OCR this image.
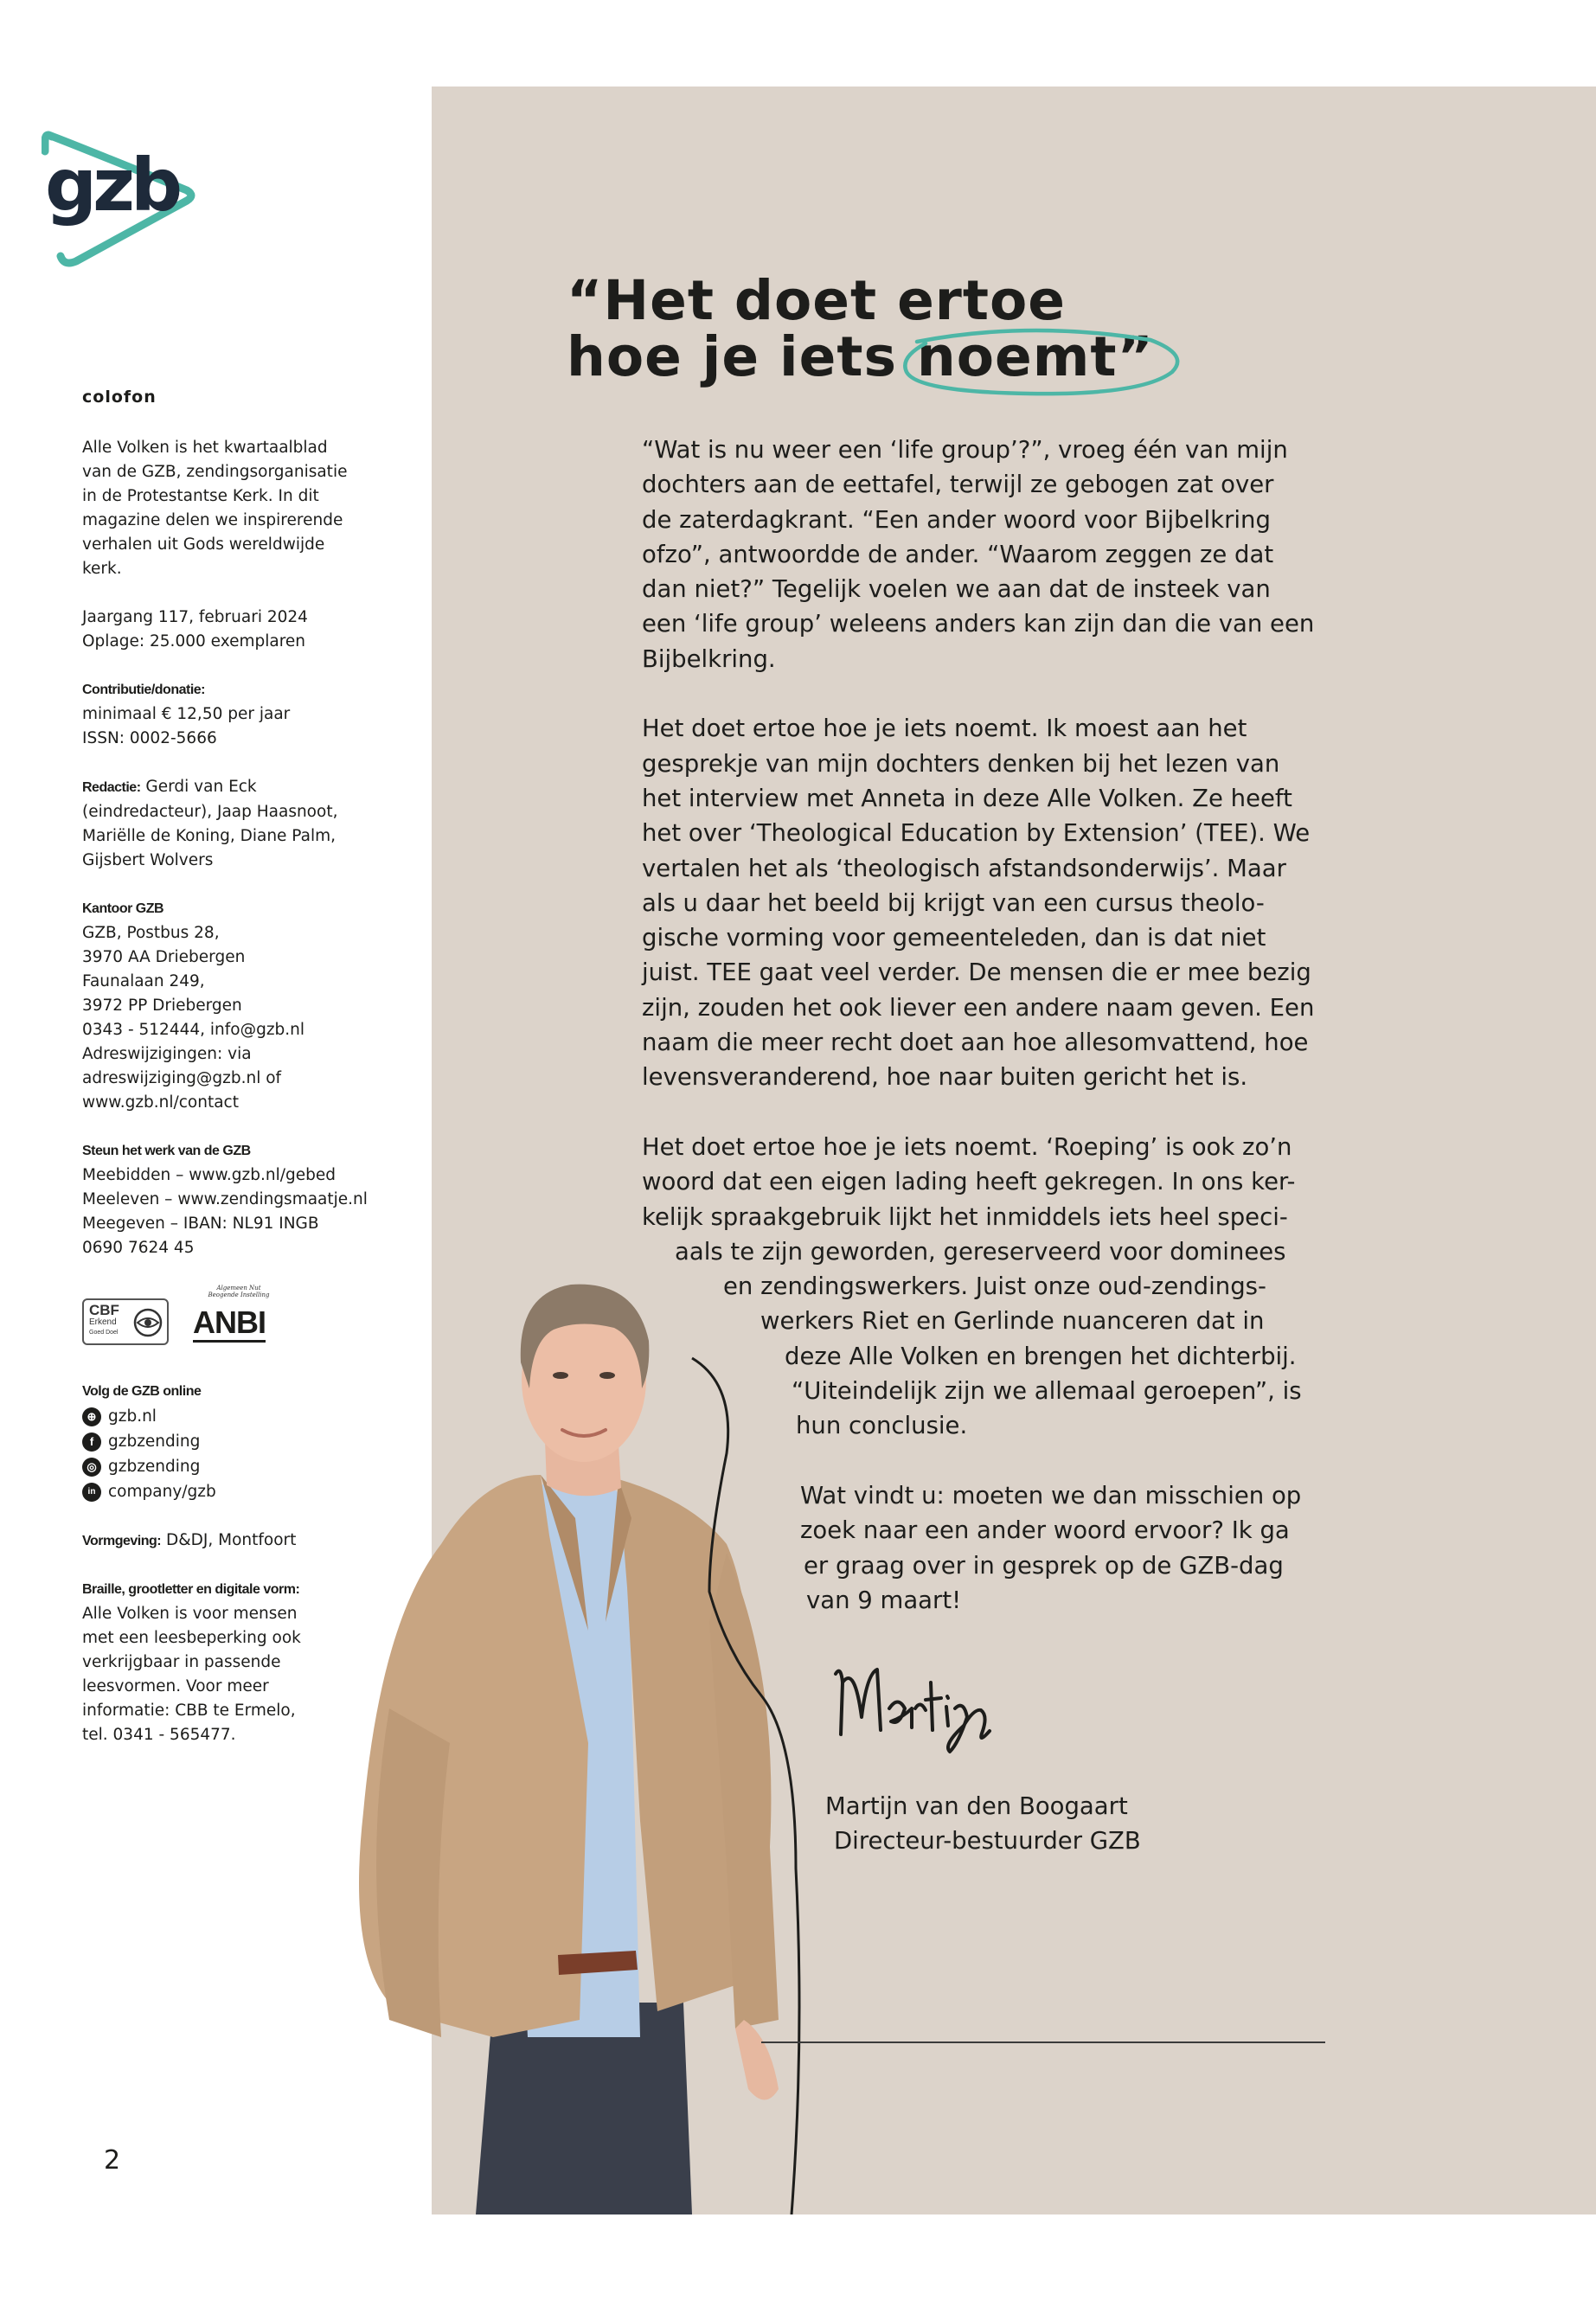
gzb
colofon

Alle Volken is het kwartaalblad
van de GZB, zendingsorganisatie
in de Protestantse Kerk. In dit
magazine delen we inspirerende
verhalen uit Gods wereldwijde
kerk.

Jaargang 117, februari 2024
Oplage: 25.000 exemplaren

Contributie/donatie:
minimaal € 12,50 per jaar
ISSN: 0002-5666

Redactie: Gerdi van Eck
(eindredacteur), Jaap Haasnoot,
Mariëlle de Koning, Diane Palm,
Gijsbert Wolvers

Kantoor GZB
GZB, Postbus 28,
3970 AA Driebergen
Faunalaan 249,
3972 PP Driebergen
0343 - 512444, info@gzb.nl
Adreswijzigingen: via
adreswijziging@gzb.nl of
www.gzb.nl/contact

Steun het werk van de GZB
Meebidden – www.gzb.nl/gebed
Meeleven – www.zendingsmaatje.nl
Meegeven – IBAN: NL91 INGB
0690 7624 45

CBF
Erkend
Goed Doel
Algemeen Nut Beogende Instelling
ANBI
Volg de GZB online
⊕ gzb.nl
f gzbzending
◎ gzbzending
in company/gzb

Vormgeving: D&DJ, Montfoort

Braille, grootletter en digitale vorm:
Alle Volken is voor mensen
met een leesbeperking ook
verkrijgbaar in passende
leesvormen. Voor meer
informatie: CBB te Ermelo,
tel. 0341 - 565477.

2
“Het doet ertoe
hoe je iets noemt”
“Wat is nu weer een ‘life group’?”, vroeg één van mijn
dochters aan de eettafel, terwijl ze gebogen zat over
de zaterdagkrant. “Een ander woord voor Bijbelkring
ofzo”, antwoordde de ander. “Waarom zeggen ze dat
dan niet?” Tegelijk voelen we aan dat de insteek van
een ‘life group’ weleens anders kan zijn dan die van een
Bijbelkring.
Het doet ertoe hoe je iets noemt. Ik moest aan het
gesprekje van mijn dochters denken bij het lezen van
het interview met Anneta in deze Alle Volken. Ze heeft
het over ‘Theological Education by Extension’ (TEE). We
vertalen het als ‘theologisch afstandsonderwijs’. Maar
als u daar het beeld bij krijgt van een cursus theolo-
gische vorming voor gemeenteleden, dan is dat niet
juist. TEE gaat veel verder. De mensen die er mee bezig
zijn, zouden het ook liever een andere naam geven. Een
naam die meer recht doet aan hoe allesomvattend, hoe
levensveranderend, hoe naar buiten gericht het is.
Het doet ertoe hoe je iets noemt. ‘Roeping’ is ook zo’n
woord dat een eigen lading heeft gekregen. In ons ker-
kelijk spraakgebruik lijkt het inmiddels iets heel speci-
aals te zijn geworden, gereserveerd voor dominees
en zendingswerkers. Juist onze oud-zendings-
werkers Riet en Gerlinde nuanceren dat in
deze Alle Volken en brengen het dichterbij.
“Uiteindelijk zijn we allemaal geroepen”, is
hun conclusie.
Wat vindt u: moeten we dan misschien op
zoek naar een ander woord ervoor? Ik ga
er graag over in gesprek op de GZB-dag
van 9 maart!
Martijn van den Boogaart
Directeur-bestuurder GZB
